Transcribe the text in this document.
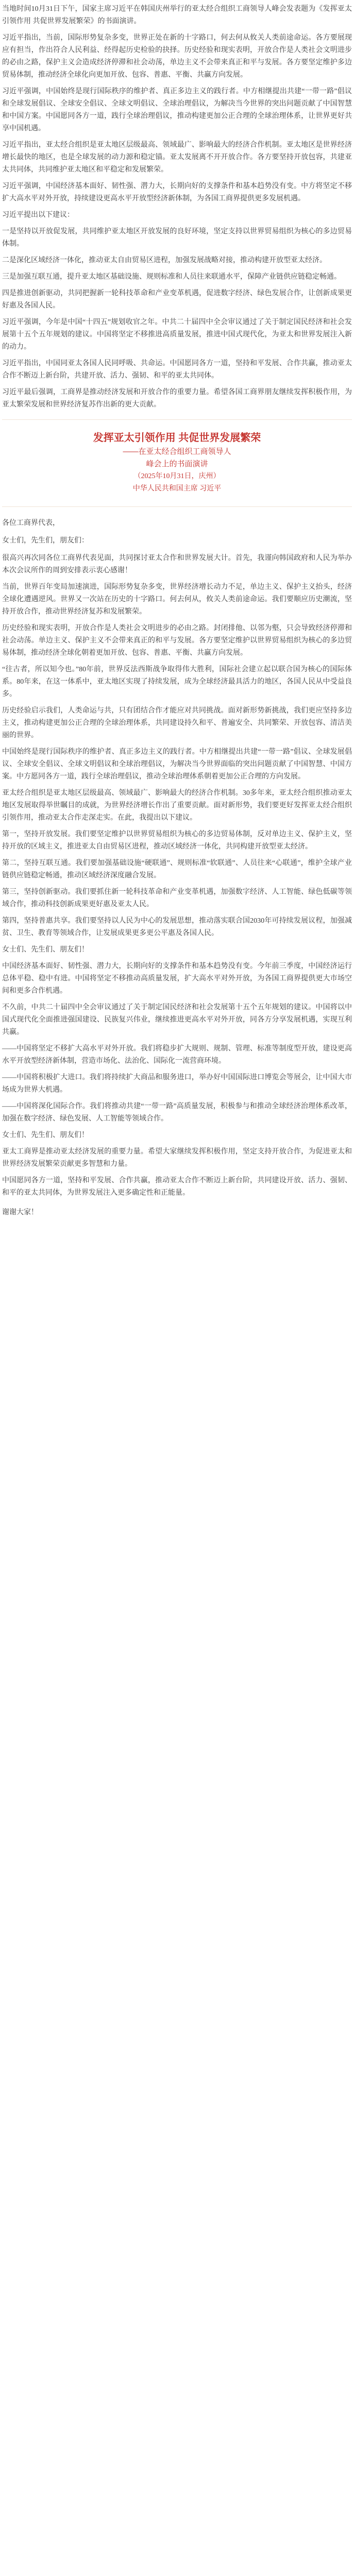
当地时间10月31日下午，国家主席习近平在韩国庆州举行的亚太经合组织工商领导人峰会发表题为《发挥亚太引领作用 共促世界发展繁荣》的书面演讲。

习近平指出，当前，国际形势复杂多变，世界正处在新的十字路口，何去何从攸关人类前途命运。各方要展现应有担当，作出符合人民利益、经得起历史检验的抉择。历史经验和现实表明，开放合作是人类社会文明进步的必由之路，保护主义会造成经济停滞和社会动荡，单边主义不会带来真正和平与发展。各方要坚定维护多边贸易体制，推动经济全球化向更加开放、包容、普惠、平衡、共赢方向发展。

习近平强调，中国始终是现行国际秩序的维护者、真正多边主义的践行者。中方相继提出共建“一带一路”倡议和全球发展倡议、全球安全倡议、全球文明倡议、全球治理倡议，为解决当今世界的突出问题贡献了中国智慧和中国方案。中国愿同各方一道，践行全球治理倡议，推动构建更加公正合理的全球治理体系，让世界更好共享中国机遇。

习近平指出，亚太经合组织是亚太地区层级最高、领域最广、影响最大的经济合作机制。亚太地区是世界经济增长最快的地区，也是全球发展的动力源和稳定锚。亚太发展离不开开放合作。各方要坚持开放包容，共建亚太共同体，共同维护亚太地区和平稳定和发展繁荣。

习近平强调，中国经济基本面好、韧性强、潜力大，长期向好的支撑条件和基本趋势没有变。中方将坚定不移扩大高水平对外开放，持续建设更高水平开放型经济新体制，为各国工商界提供更多发展机遇。

习近平提出以下建议：

一是坚持以开放促发展，共同维护亚太地区开放发展的良好环境，坚定支持以世界贸易组织为核心的多边贸易体制。

二是深化区域经济一体化，推动亚太自由贸易区进程，加强发展战略对接，推动构建开放型亚太经济。

三是加强互联互通，提升亚太地区基础设施、规则标准和人员往来联通水平，保障产业链供应链稳定畅通。

四是推进创新驱动，共同把握新一轮科技革命和产业变革机遇，促进数字经济、绿色发展合作，让创新成果更好惠及各国人民。

习近平强调，今年是中国“十四五”规划收官之年。中共二十届四中全会审议通过了关于制定国民经济和社会发展第十五个五年规划的建议。中国将坚定不移推进高质量发展，推进中国式现代化，为亚太和世界发展注入新的动力。

习近平指出，中国同亚太各国人民同呼吸、共命运。中国愿同各方一道，坚持和平发展、合作共赢，推动亚太合作不断迈上新台阶，共建开放、活力、强韧、和平的亚太共同体。

习近平最后强调，工商界是推动经济发展和开放合作的重要力量。希望各国工商界朋友继续发挥积极作用，为亚太繁荣发展和世界经济复苏作出新的更大贡献。

发挥亚太引领作用 共促世界发展繁荣

——在亚太经合组织工商领导人

峰会上的书面演讲

（2025年10月31日，庆州）

中华人民共和国主席 习近平

各位工商界代表，

女士们，先生们，朋友们：

很高兴再次同各位工商界代表见面，共同探讨亚太合作和世界发展大计。首先，我谨向韩国政府和人民为举办本次会议所作的周到安排表示衷心感谢！

当前，世界百年变局加速演进，国际形势复杂多变，世界经济增长动力不足，单边主义、保护主义抬头，经济全球化遭遇逆风。世界又一次站在历史的十字路口。何去何从，攸关人类前途命运。我们要顺应历史潮流，坚持开放合作，推动世界经济复苏和发展繁荣。

历史经验和现实表明，开放合作是人类社会文明进步的必由之路。封闭排他、以邻为壑，只会导致经济停滞和社会动荡。单边主义、保护主义不会带来真正的和平与发展。各方要坚定维护以世界贸易组织为核心的多边贸易体制，推动经济全球化朝着更加开放、包容、普惠、平衡、共赢方向发展。

“往古者，所以知今也。”80年前，世界反法西斯战争取得伟大胜利，国际社会建立起以联合国为核心的国际体系。80年来，在这一体系中，亚太地区实现了持续发展，成为全球经济最具活力的地区，各国人民从中受益良多。

历史经验启示我们，人类命运与共，只有团结合作才能应对共同挑战。面对新形势新挑战，我们更应坚持多边主义，推动构建更加公正合理的全球治理体系，共同建设持久和平、普遍安全、共同繁荣、开放包容、清洁美丽的世界。

中国始终是现行国际秩序的维护者、真正多边主义的践行者。中方相继提出共建“一带一路”倡议、全球发展倡议、全球安全倡议、全球文明倡议和全球治理倡议，为解决当今世界面临的突出问题贡献了中国智慧、中国方案。中方愿同各方一道，践行全球治理倡议，推动全球治理体系朝着更加公正合理的方向发展。

亚太经合组织是亚太地区层级最高、领域最广、影响最大的经济合作机制。30多年来，亚太经合组织推动亚太地区发展取得举世瞩目的成就，为世界经济增长作出了重要贡献。面对新形势，我们要更好发挥亚太经合组织引领作用，推动亚太合作走深走实。在此，我提出以下建议。

第一，坚持开放发展。我们要坚定维护以世界贸易组织为核心的多边贸易体制，反对单边主义、保护主义，坚持开放的区域主义，推进亚太自由贸易区进程，推动区域经济一体化，共同构建开放型亚太经济。

第二，坚持互联互通。我们要加强基础设施“硬联通”、规则标准“软联通”、人员往来“心联通”，维护全球产业链供应链稳定畅通，推动区域经济深度融合发展。

第三，坚持创新驱动。我们要抓住新一轮科技革命和产业变革机遇，加强数字经济、人工智能、绿色低碳等领域合作，推动科技创新成果更好惠及亚太人民。

第四，坚持普惠共享。我们要坚持以人民为中心的发展思想，推动落实联合国2030年可持续发展议程，加强减贫、卫生、教育等领域合作，让发展成果更多更公平惠及各国人民。

女士们、先生们、朋友们！

中国经济基本面好、韧性强、潜力大，长期向好的支撑条件和基本趋势没有变。今年前三季度，中国经济运行总体平稳、稳中有进。中国将坚定不移推动高质量发展，扩大高水平对外开放，为各国工商界提供更大市场空间和更多合作机遇。

不久前，中共二十届四中全会审议通过了关于制定国民经济和社会发展第十五个五年规划的建议。中国将以中国式现代化全面推进强国建设、民族复兴伟业，继续推进更高水平对外开放，同各方分享发展机遇，实现互利共赢。

——中国将坚定不移扩大高水平对外开放。我们将稳步扩大规则、规制、管理、标准等制度型开放，建设更高水平开放型经济新体制，营造市场化、法治化、国际化一流营商环境。

——中国将积极扩大进口。我们将持续扩大商品和服务进口，举办好中国国际进口博览会等展会，让中国大市场成为世界大机遇。

——中国将深化国际合作。我们将推动共建“一带一路”高质量发展，积极参与和推动全球经济治理体系改革，加强在数字经济、绿色发展、人工智能等领域合作。

女士们、先生们、朋友们！

亚太工商界是推动亚太经济发展的重要力量。希望大家继续发挥积极作用，坚定支持开放合作，为促进亚太和世界经济发展繁荣贡献更多智慧和力量。

中国愿同各方一道，坚持和平发展、合作共赢，推动亚太合作不断迈上新台阶，共同建设开放、活力、强韧、和平的亚太共同体，为世界发展注入更多确定性和正能量。

谢谢大家！
